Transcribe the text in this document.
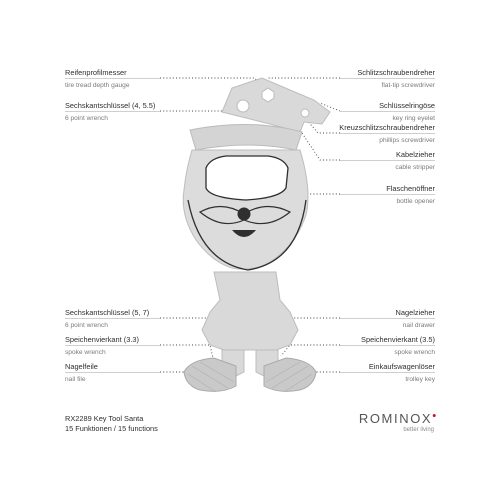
Reifenprofilmesser
tire tread depth gauge
Sechskantschlüssel (4, 5.5)
6 point wrench
Sechskantschlüssel (5, 7)
6 point wrench
Speichenvierkant (3.3)
spoke wrench
Nagelfeile
nail file
Schlitzschraubendreher
flat-tip screwdriver
Schlüsselringöse
key ring eyelet
Kreuzschlitzschraubendreher
phillips screwdriver
Kabelzieher
cable stripper
Flaschenöffner
bottle opener
Nagelzieher
nail drawer
Speichenvierkant (3.5)
spoke wrench
Einkaufswagenlöser
trolley key
RX2289 Key Tool Santa
15 Funktionen / 15 functions
ROMINOX●
better living
